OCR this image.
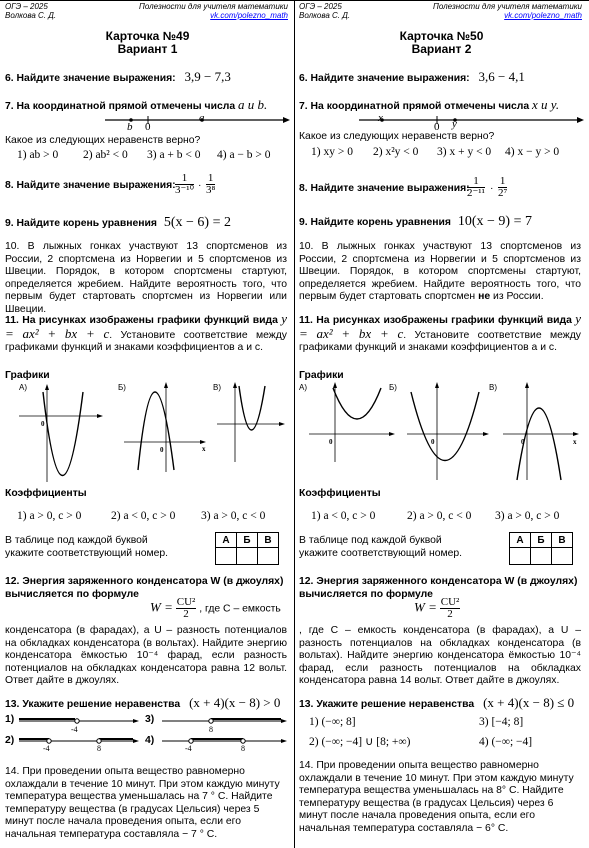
ОГЭ – 2025
Волкова С. Д.
Полезности для учителя математики
vk.com/polezno_math
Карточка №49
Вариант 1
6. Найдите значение выражения: 3,9 − 7,3
7. На координатной прямой отмечены числа a и b.
b 0
a
Какое из следующих неравенств верно?
1) ab > 0 2) ab² < 0 3) a + b < 0 4) a − b > 0
8. Найдите значение выражения: $\frac{1}{\text{3⁻¹⁰}} \cdot \frac{1}{\text{3⁸}}$
9. Найдите корень уравнения 5(x − 6) = 2
10. В лыжных гонках участвуют 13 спортсменов из России, 2 спортсмена из Норвегии и 5 спортсменов из Швеции. Порядок, в котором спортсмены стартуют, определяется жребием. Найдите вероятность того, что первым будет стартовать спортсмен из Норвегии или Швеции.
11. На рисунках изображены графики функций вида y = ax² + bx + c. Установите соответствие между графиками функций и знаками коэффициентов a и c.
Графики
0
А)
0	x
Б)	В)
Коэффициенты
1) a > 0, c > 0	2) a < 0, c > 0 3) a > 0, c < 0
В таблице под каждой буквой укажите соответствующий номер.
А	Б	В

12. Энергия заряженного конденсатора W (в джоулях) вычисляется по формуле
$W = \frac{\text{CU²}}{2}$ , где C – емкость
конденсатора (в фарадах), а U – разность потенциалов на обкладках конденсатора (в вольтах). Найдите энергию конденсатора ёмкостью 10⁻⁴ фарад, если разность потенциалов на обкладках конденсатора равна 12 вольт. Ответ дайте в джоулях.
13. Укажите решение неравенства (x + 4)(x − 8) > 0
1)
2)
3)
4)
-4
-4	8
8
-4	8
14. При проведении опыта вещество равномерно охлаждали в течение 10 минут. При этом каждую минуту температура вещества уменьшалась на 7 ° С. Найдите температуру вещества (в градусах Цельсия) через 5 минут после начала проведения опыта, если его начальная температура составляла − 7 ° С.
ОГЭ – 2025
Волкова С. Д.
Полезности для учителя математики
vk.com/polezno_math
Карточка №50
Вариант 2
6. Найдите значение выражения: 3,6 − 4,1
7. На координатной прямой отмечены числа x и y.
x
0 y
Какое из следующих неравенств верно?
1) xy > 0 2) x²y < 0 3) x + y < 0 4) x − y > 0
8. Найдите значение выражения:
$\frac{1}{\text{2⁻¹¹}} \cdot \frac{1}{\text{2⁷}}$
9. Найдите корень уравнения 10(x − 9) = 7
10. В лыжных гонках участвуют 13 спортсменов из России, 2 спортсмена из Норвегии и 5 спортсменов из Швеции. Порядок, в котором спортсмены стартуют, определяется жребием. Найдите вероятность того, что первым будет стартовать спортсмен не из России.
11. На рисунках изображены графики функций вида y = ax² + bx + c. Установите соответствие между графиками функций и знаками коэффициентов a и c.
Графики
0
А)
0
Б)
0	x
В)
Коэффициенты
1) a < 0, c > 0	2) a > 0, c < 0 3) a > 0, c > 0
В таблице под каждой буквой укажите соответствующий номер.
А	Б	В

12. Энергия заряженного конденсатора W (в джоулях) вычисляется по формуле
$W = \frac{\text{CU²}}{2}$
, где C – емкость конденсатора (в фарадах), а U – разность потенциалов на обкладках конденсатора (в вольтах). Найдите энергию конденсатора ёмкостью 10⁻⁴ фарад, если разность потенциалов на обкладках конденсатора равна 14 вольт. Ответ дайте в джоулях.
13. Укажите решение неравенства (x + 4)(x − 8) ≤ 0
1) (−∞; 8]
2) (−∞; −4] ∪ [8; +∞)
3) [−4; 8]
4) (−∞; −4]
14. При проведении опыта вещество равномерно охлаждали в течение 10 минут. При этом каждую минуту температура вещества уменьшалась на 8° С. Найдите температуру вещества (в градусах Цельсия) через 6 минут после начала проведения опыта, если его начальная температура составляла − 6° С.
